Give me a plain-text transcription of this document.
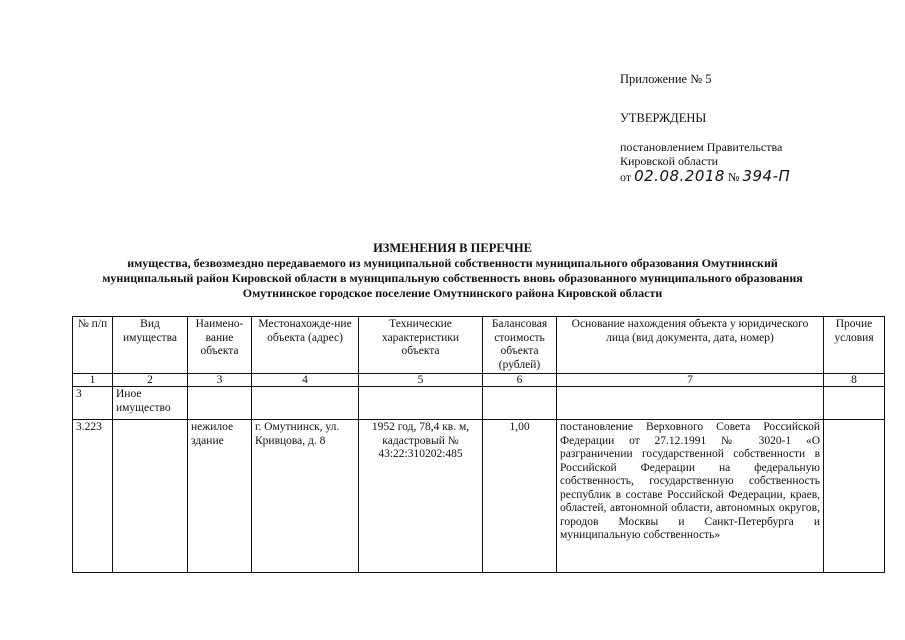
Приложение № 5
УТВЕРЖДЕНЫ
постановлением Правительства
Кировской области
от 02.08.2018 № 394-П
ИЗМЕНЕНИЯ В ПЕРЕЧНЕ
имущества, безвозмездно передаваемого из муниципальной собственности муниципального образования Омутнинский
муниципальный район Кировской области в муниципальную собственность вновь образованного муниципального образования
Омутнинское городское поселение Омутнинского района Кировской области
№ п/п	Вид имущества	Наимено-вание объекта	Местонахожде-ние объекта (адрес)	Технические характеристики объекта	Балансовая стоимость объекта (рублей)	Основание нахождения объекта у юридического лица (вид документа, дата, номер)	Прочие условия
1	2	3	4	5	6	7	8
3	Иное имущество						
3.223		нежилое здание	г. Омутнинск, ул. Кривцова, д. 8	1952 год, 78,4 кв. м, кадастровый № 43:22:310202:485	1,00	постановление Верховного Совета Российской Федерации от 27.12.1991 № 3020-1 «О разграничении государственной собственности в Российской Федерации на федеральную собственность, государственную собственность республик в составе Российской Федерации, краев, областей, автономной области, автономных округов, городов Москвы и Санкт-Петербурга и муниципальную собственность»	
